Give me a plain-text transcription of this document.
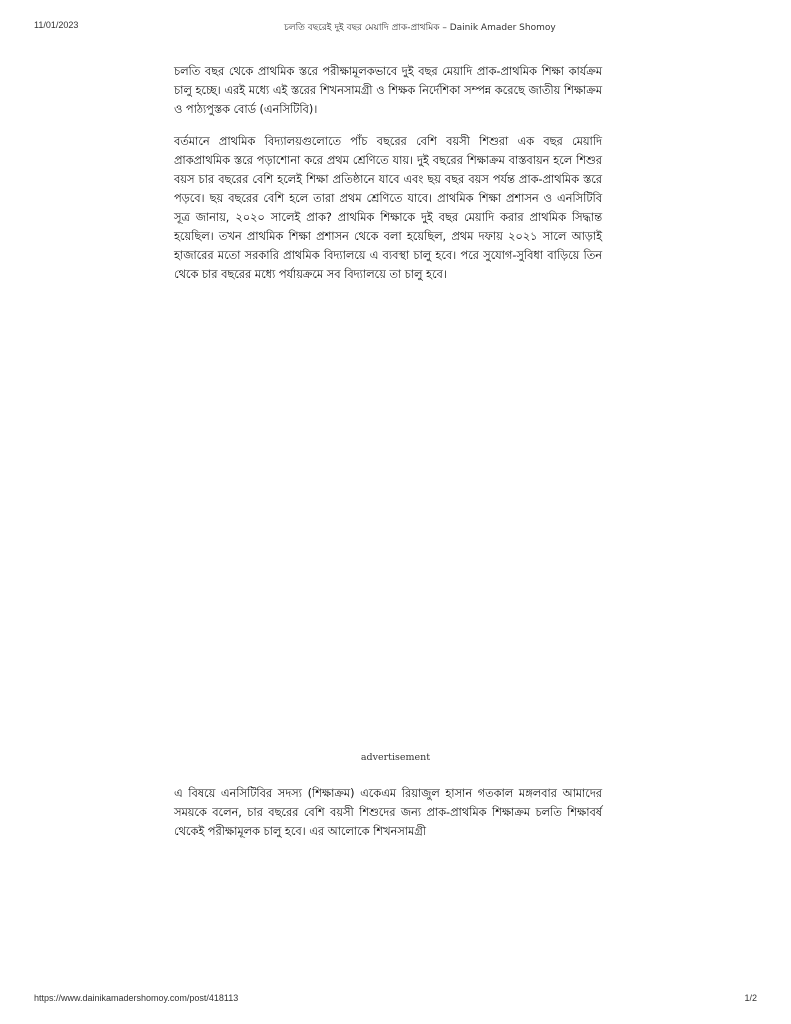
11/01/2023	চলতি বছরেই দুই বছর মেয়াদি প্রাক-প্রাথমিক – Dainik Amader Shomoy

চলতি বছর থেকে প্রাথমিক স্তরে পরীক্ষামূলকভাবে দুই বছর মেয়াদি প্রাক-প্রাথমিক শিক্ষা কার্যক্রম চালু হচ্ছে। এরই মধ্যে এই স্তরের শিখনসামগ্রী ও শিক্ষক নির্দেশিকা সম্পন্ন করেছে জাতীয় শিক্ষাক্রম ও পাঠ্যপুস্তক বোর্ড (এনসিটিবি)।

বর্তমানে প্রাথমিক বিদ্যালয়গুলোতে পাঁচ বছরের বেশি বয়সী শিশুরা এক বছর মেয়াদি প্রাকপ্রাথমিক স্তরে পড়াশোনা করে প্রথম শ্রেণিতে যায়। দুই বছরের শিক্ষাক্রম বাস্তবায়ন হলে শিশুর বয়স চার বছরের বেশি হলেই শিক্ষা প্রতিষ্ঠানে যাবে এবং ছয় বছর বয়স পর্যন্ত প্রাক-প্রাথমিক স্তরে পড়বে। ছয় বছরের বেশি হলে তারা প্রথম শ্রেণিতে যাবে। প্রাথমিক শিক্ষা প্রশাসন ও এনসিটিবি সূত্র জানায়, ২০২০ সালেই প্রাক? প্রাথমিক শিক্ষাকে দুই বছর মেয়াদি করার প্রাথমিক সিদ্ধান্ত হয়েছিল। তখন প্রাথমিক শিক্ষা প্রশাসন থেকে বলা হয়েছিল, প্রথম দফায় ২০২১ সালে আড়াই হাজারের মতো সরকারি প্রাথমিক বিদ্যালয়ে এ ব্যবস্থা চালু হবে। পরে সুযোগ-সুবিধা বাড়িয়ে তিন থেকে চার বছরের মধ্যে পর্যায়ক্রমে সব বিদ্যালয়ে তা চালু হবে।

advertisement

এ বিষয়ে এনসিটিবির সদস্য (শিক্ষাক্রম) একেএম রিয়াজুল হাসান গতকাল মঙ্গলবার আমাদের সময়কে বলেন, চার বছরের বেশি বয়সী শিশুদের জন্য প্রাক-প্রাথমিক শিক্ষাক্রম চলতি শিক্ষাবর্ষ থেকেই পরীক্ষামূলক চালু হবে। এর আলোকে শিখনসামগ্রী

https://www.dainikamadershomoy.com/post/418113	1/2
